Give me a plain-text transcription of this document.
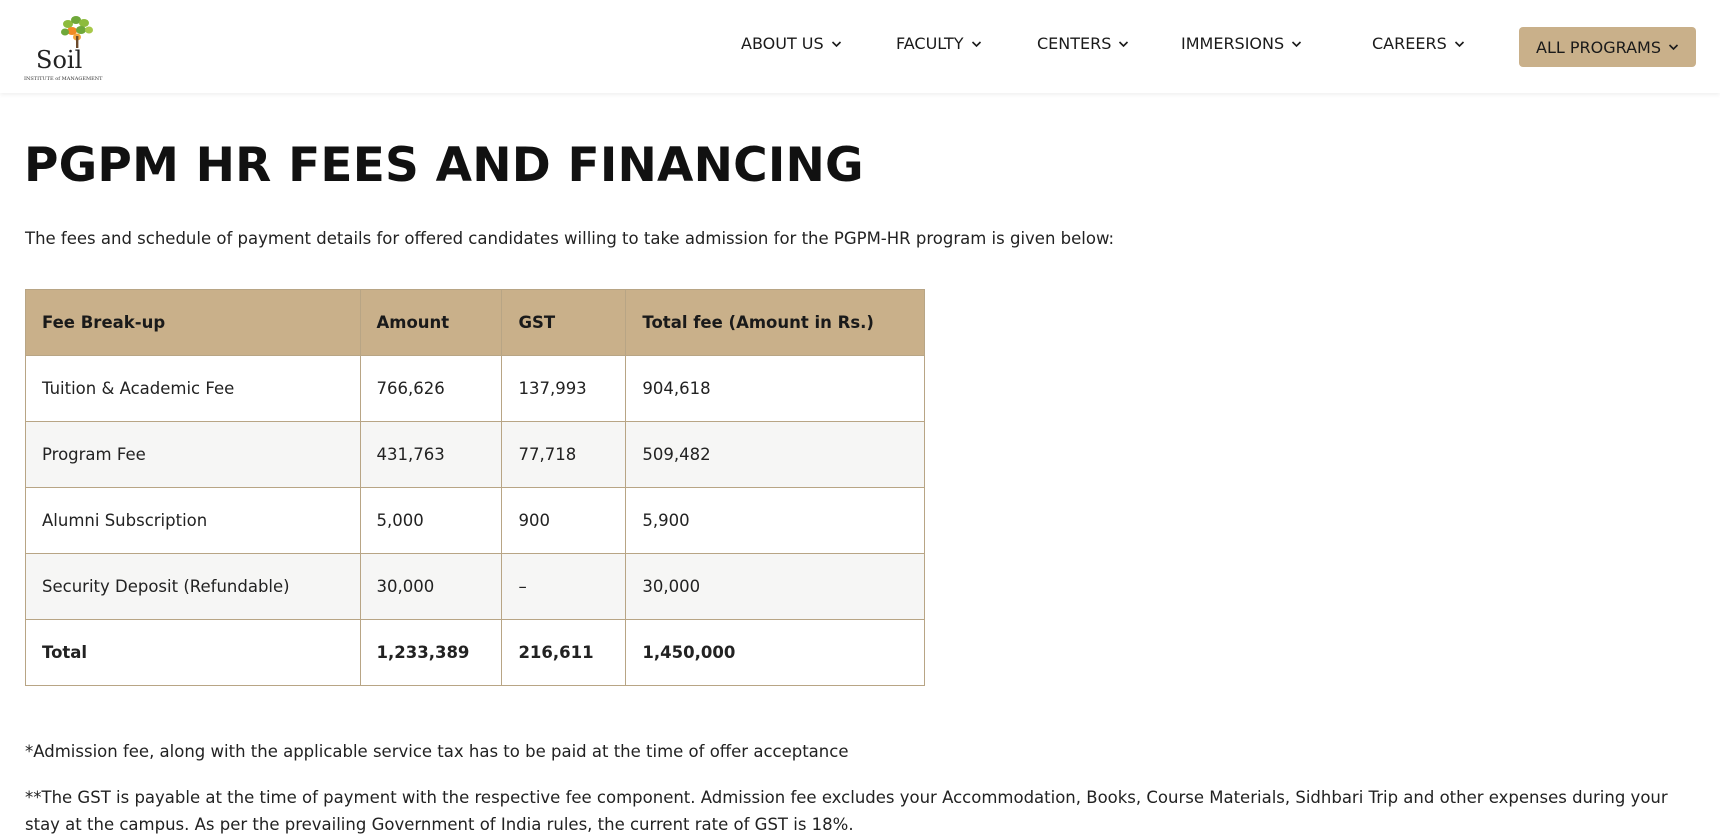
Soil
INSTITUTE of MANAGEMENT
ABOUT US	FACULTY	CENTERS	IMMERSIONS	CAREERS	ALL PROGRAMS
PGPM HR FEES AND FINANCING

The fees and schedule of payment details for offered candidates willing to take admission for the PGPM-HR program is given below:

Fee Break-up	Amount	GST	Total fee (Amount in Rs.)
Tuition & Academic Fee	766,626	137,993	904,618
Program Fee	431,763	77,718	509,482
Alumni Subscription	5,000	900	5,900
Security Deposit (Refundable)	30,000	–	30,000
Total	1,233,389	216,611	1,450,000

*Admission fee, along with the applicable service tax has to be paid at the time of offer acceptance

**The GST is payable at the time of payment with the respective fee component. Admission fee excludes your Accommodation, Books, Course Materials, Sidhbari Trip and other expenses during your stay at the campus. As per the prevailing Government of India rules, the current rate of GST is 18%.
